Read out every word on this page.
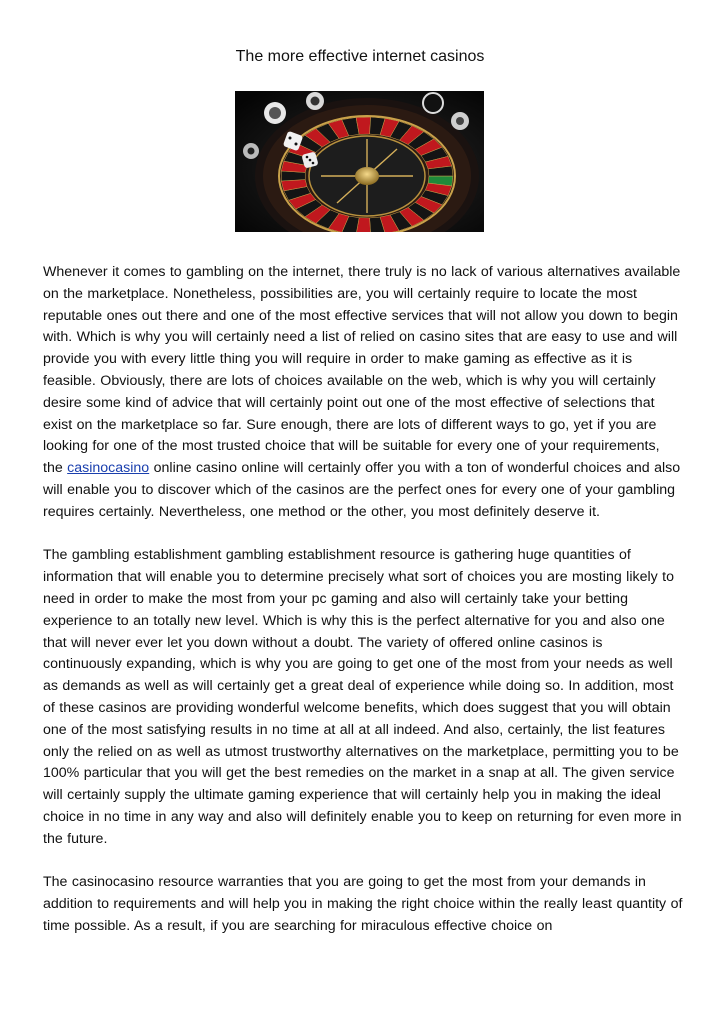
The more effective internet casinos

Whenever it comes to gambling on the internet, there truly is no lack of various alternatives available on the marketplace. Nonetheless, possibilities are, you will certainly require to locate the most reputable ones out there and one of the most effective services that will not allow you down to begin with. Which is why you will certainly need a list of relied on casino sites that are easy to use and will provide you with every little thing you will require in order to make gaming as effective as it is feasible. Obviously, there are lots of choices available on the web, which is why you will certainly desire some kind of advice that will certainly point out one of the most effective of selections that exist on the marketplace so far. Sure enough, there are lots of different ways to go, yet if you are looking for one of the most trusted choice that will be suitable for every one of your requirements, the casinocasino online casino online will certainly offer you with a ton of wonderful choices and also will enable you to discover which of the casinos are the perfect ones for every one of your gambling requires certainly. Nevertheless, one method or the other, you most definitely deserve it.

The gambling establishment gambling establishment resource is gathering huge quantities of information that will enable you to determine precisely what sort of choices you are mosting likely to need in order to make the most from your pc gaming and also will certainly take your betting experience to an totally new level. Which is why this is the perfect alternative for you and also one that will never ever let you down without a doubt. The variety of offered online casinos is continuously expanding, which is why you are going to get one of the most from your needs as well as demands as well as will certainly get a great deal of experience while doing so. In addition, most of these casinos are providing wonderful welcome benefits, which does suggest that you will obtain one of the most satisfying results in no time at all at all indeed. And also, certainly, the list features only the relied on as well as utmost trustworthy alternatives on the marketplace, permitting you to be 100% particular that you will get the best remedies on the market in a snap at all. The given service will certainly supply the ultimate gaming experience that will certainly help you in making the ideal choice in no time in any way and also will definitely enable you to keep on returning for even more in the future.

The casinocasino resource warranties that you are going to get the most from your demands in addition to requirements and will help you in making the right choice within the really least quantity of time possible. As a result, if you are searching for miraculous effective choice on
